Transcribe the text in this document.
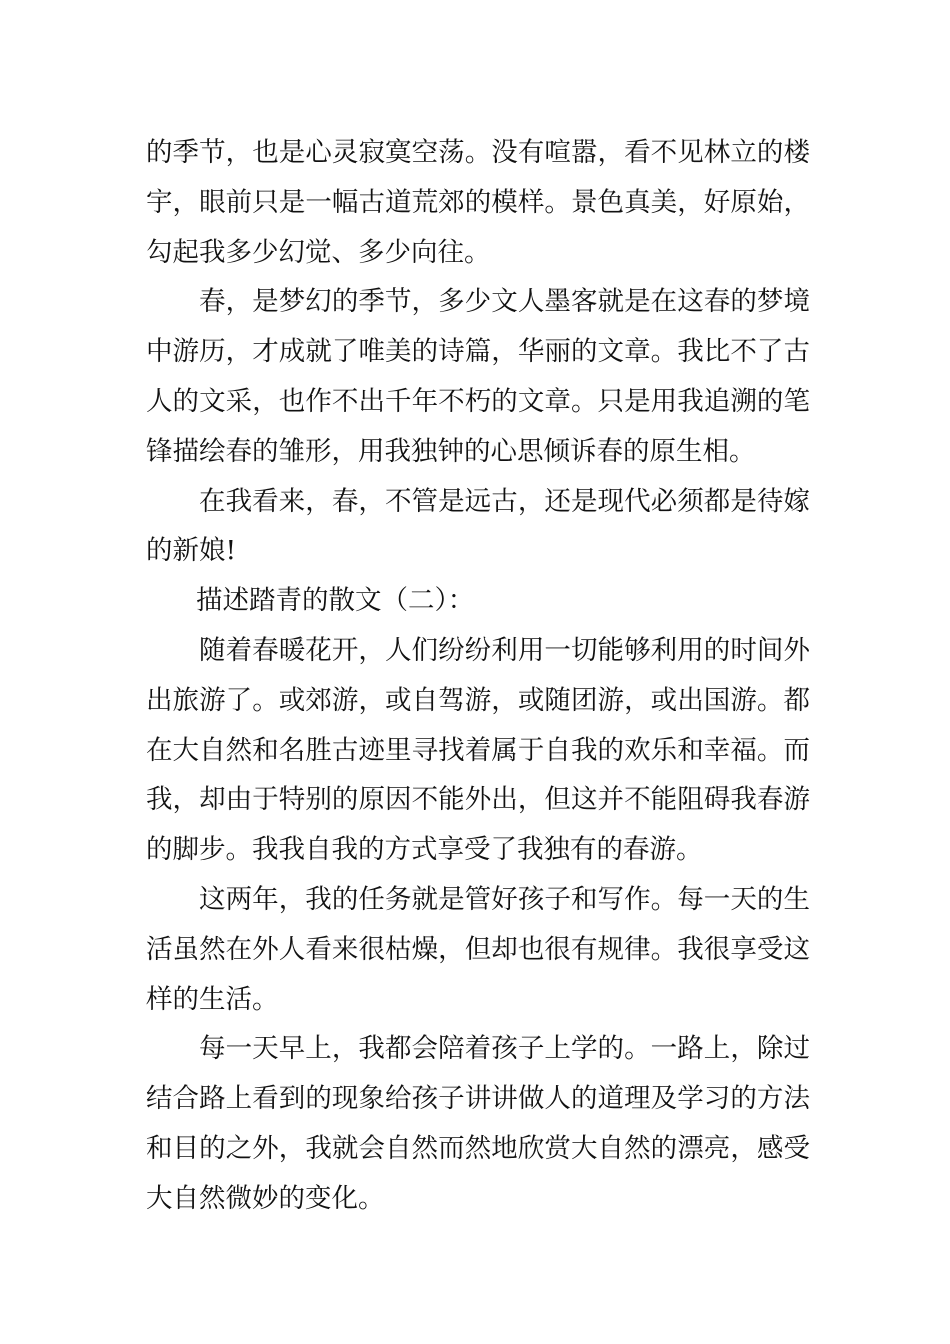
的季节，也是心灵寂寞空荡。没有喧嚣，看不见林立的楼宇，眼前只是一幅古道荒郊的模样。景色真美，好原始，勾起我多少幻觉、多少向往。

春，是梦幻的季节，多少文人墨客就是在这春的梦境中游历，才成就了唯美的诗篇，华丽的文章。我比不了古人的文采，也作不出千年不朽的文章。只是用我追溯的笔锋描绘春的雏形，用我独钟的心思倾诉春的原生相。

在我看来，春，不管是远古，还是现代必须都是待嫁的新娘!

描述踏青的散文（二）：

随着春暖花开，人们纷纷利用一切能够利用的时间外出旅游了。或郊游，或自驾游，或随团游，或出国游。都在大自然和名胜古迹里寻找着属于自我的欢乐和幸福。而我，却由于特别的原因不能外出，但这并不能阻碍我春游的脚步。我我自我的方式享受了我独有的春游。

这两年，我的任务就是管好孩子和写作。每一天的生活虽然在外人看来很枯燥，但却也很有规律。我很享受这样的生活。

每一天早上，我都会陪着孩子上学的。一路上，除过结合路上看到的现象给孩子讲讲做人的道理及学习的方法和目的之外，我就会自然而然地欣赏大自然的漂亮，感受大自然微妙的变化。
